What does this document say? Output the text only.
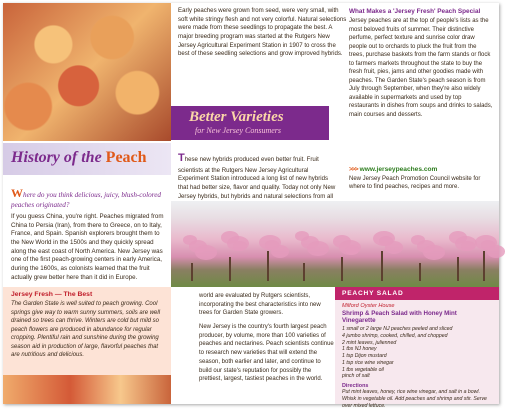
History of the Peach

Where do you think delicious, juicy, blush-colored peaches originated?

If you guess China, you're right. Peaches migrated from China to Persia (Iran), from there to Greece, on to Italy, France, and Spain. Spanish explorers brought them to the New World in the 1500s and they quickly spread along the east coast of North America. New Jersey was one of the first peach-growing centers in early America, during the 1600s, as colonists learned that the fruit actually grew better here than it did in Europe.

Jersey Fresh — The Best

The Garden State is well suited to peach growing. Cool springs give way to warm sunny summers, soils are well drained so trees can thrive. Winters are cold but mild so peach flowers are produced in abundance for regular cropping. Plentiful rain and sunshine during the growing season aid in production of large, flavorful peaches that are nutritious and delicious.

Early peaches were grown from seed, were very small, with soft white stringy flesh and not very colorful. Natural selections were made from these seedlings to propagate the best. A major breeding program was started at the Rutgers New Jersey Agricultural Experiment Station in 1907 to cross the best of these seedling selections and grow improved hybrids.

Better Varieties
for New Jersey Consumers

These new hybrids produced even better fruit. Fruit scientists at the Rutgers New Jersey Agricultural Experiment Station introduced a long list of new hybrids that had better size, flavor and quality. Today not only New Jersey hybrids, but hybrids and natural selections from all

What Makes a 'Jersey Fresh' Peach Special

Jersey peaches are at the top of people's lists as the most beloved fruits of summer. Their distinctive perfume, perfect texture and sunrise color draw people out to orchards to pluck the fruit from the trees, purchase baskets from the farm stands or flock to farmers markets throughout the state to buy the fresh fruit, pies, jams and other goodies made with peaches. The Garden State's peach season is from July through September, when they're also widely available in supermarkets and used by top restaurants in dishes from soups and drinks to salads, main courses and desserts.

>>> www.jerseypeaches.com

New Jersey Peach Promotion Council website for where to find peaches, recipes and more.

world are evaluated by Rutgers scientists, incorporating the best characteristics into new trees for Garden State growers.

New Jersey is the country's fourth largest peach producer, by volume, more than 100 varieties of peaches and nectarines. Peach scientists continue to research new varieties that will extend the season, both earlier and later, and continue to build our state's reputation for possibly the prettiest, largest, tastiest peaches in the world.

PEACHY SALAD
Milford Oyster House
Shrimp & Peach Salad with Honey Mint Vinegarette
1 small or 2 large NJ peaches peeled and sliced
4 jumbo shrimp, cooked, chilled, and chopped
2 mint leaves, julienned
1 tbs NJ honey
1 tsp Dijon mustard
1 tsp rice wine vinegar
1 tbs vegetable oil
pinch of salt
Directions

Put mint leaves, honey, rice wine vinegar, and salt in a bowl. Whisk in vegetable oil. Add peaches and shrimp and stir. Serve over mixed lettuce.
